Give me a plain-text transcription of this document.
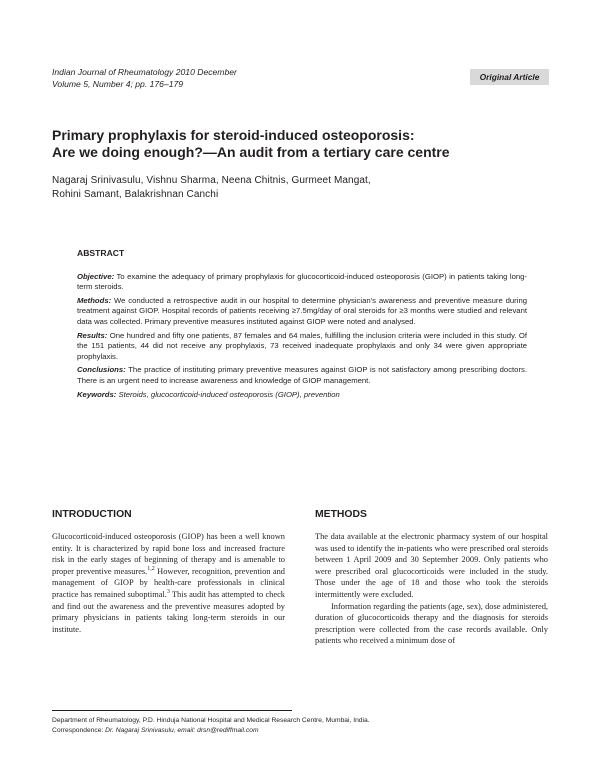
Indian Journal of Rheumatology 2010 December
Volume 5, Number 4; pp. 176–179
Original Article
Primary prophylaxis for steroid-induced osteoporosis:
Are we doing enough?—An audit from a tertiary care centre
Nagaraj Srinivasulu, Vishnu Sharma, Neena Chitnis, Gurmeet Mangat,
Rohini Samant, Balakrishnan Canchi
ABSTRACT

Objective: To examine the adequacy of primary prophylaxis for glucocorticoid-induced osteoporosis (GIOP) in patients taking long-term steroids.

Methods: We conducted a retrospective audit in our hospital to determine physician's awareness and preventive measure during treatment against GIOP. Hospital records of patients receiving ≥7.5mg/day of oral steroids for ≥3 months were studied and relevant data was collected. Primary preventive measures instituted against GIOP were noted and analysed.

Results: One hundred and fifty one patients, 87 females and 64 males, fulfilling the inclusion criteria were included in this study. Of the 151 patients, 44 did not receive any prophylaxis, 73 received inadequate prophylaxis and only 34 were given appropriate prophylaxis.

Conclusions: The practice of instituting primary preventive measures against GIOP is not satisfactory among prescribing doctors. There is an urgent need to increase awareness and knowledge of GIOP management.

Keywords: Steroids, glucocorticoid-induced osteoporosis (GIOP), prevention

INTRODUCTION

Glucocorticoid-induced osteoporosis (GIOP) has been a well known entity. It is characterized by rapid bone loss and increased fracture risk in the early stages of beginning of therapy and is amenable to proper preventive measures.$^{1,2}$ However, recognition, prevention and management of GIOP by health-care professionals in clinical practice has remained suboptimal.$^3$ This audit has attempted to check and find out the awareness and the preventive measures adopted by primary physicians in patients taking long-term steroids in our institute.

METHODS

The data available at the electronic pharmacy system of our hospital was used to identify the in-patients who were prescribed oral steroids between 1 April 2009 and 30 September 2009. Only patients who were prescribed oral glucocorticoids were included in the study. Those under the age of 18 and those who took the steroids intermittently were excluded.

Information regarding the patients (age, sex), dose administered, duration of glucocorticoids therapy and the diagnosis for steroids prescription were collected from the case records available. Only patients who received a minimum dose of

Department of Rheumatology, P.D. Hinduja National Hospital and Medical Research Centre, Mumbai, India.
Correspondence: Dr. Nagaraj Srinivasulu, email: drsn@rediffmail.com
